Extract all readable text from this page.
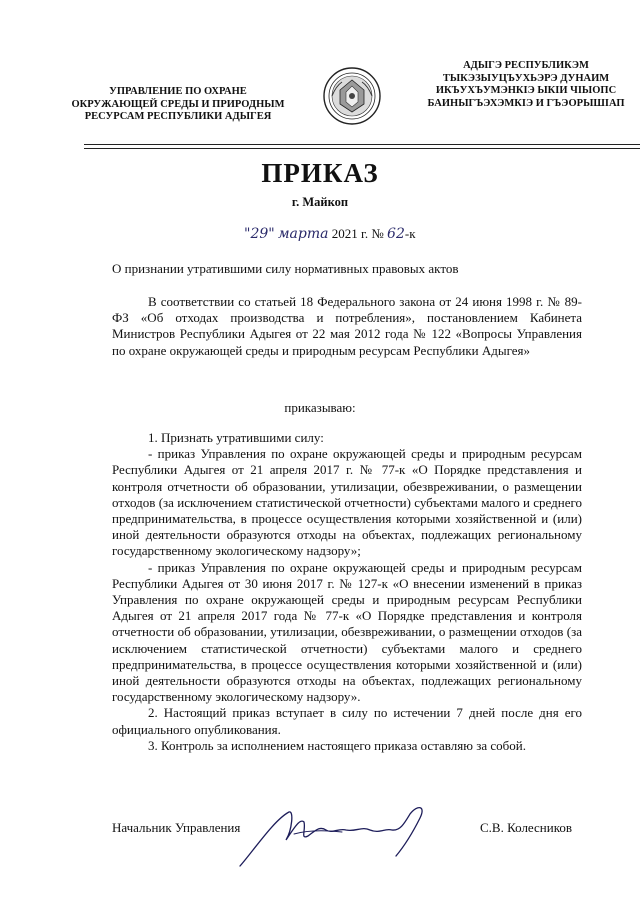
УПРАВЛЕНИЕ ПО ОХРАНЕ
ОКРУЖАЮЩЕЙ СРЕДЫ И ПРИРОДНЫМ
РЕСУРСАМ РЕСПУБЛИКИ АДЫГЕЯ
АДЫГЭ РЕСПУБЛИКЭМ
ТЫКЭЗЫУЦЪУХЬЭРЭ ДУНАИМ
ИКЪУХЪУМЭНКIЭ ЫКIИ ЧIЫОПС
БАИНЫГЪЭХЭМКIЭ И ГЪЭОРЫШIАП
ПРИКАЗ
г. Майкоп
"29" марта 2021 г. № 62-к
О признании утратившими силу нормативных правовых актов
В соответствии со статьей 18 Федерального закона от 24 июня 1998 г. № 89-ФЗ «Об отходах производства и потребления», постановлением Кабинета Министров Республики Адыгея от 22 мая 2012 года № 122 «Вопросы Управления по охране окружающей среды и природным ресурсам Республики Адыгея»
приказываю:
1. Признать утратившими силу:
- приказ Управления по охране окружающей среды и природным ресурсам Республики Адыгея от 21 апреля 2017 г. № 77-к «О Порядке представления и контроля отчетности об образовании, утилизации, обезвреживании, о размещении отходов (за исключением статистической отчетности) субъектами малого и среднего предпринимательства, в процессе осуществления которыми хозяйственной и (или) иной деятельности образуются отходы на объектах, подлежащих региональному государственному экологическому надзору»;
- приказ Управления по охране окружающей среды и природным ресурсам Республики Адыгея от 30 июня 2017 г. № 127-к «О внесении изменений в приказ Управления по охране окружающей среды и природным ресурсам Республики Адыгея от 21 апреля 2017 года № 77-к «О Порядке представления и контроля отчетности об образовании, утилизации, обезвреживании, о размещении отходов (за исключением статистической отчетности) субъектами малого и среднего предпринимательства, в процессе осуществления которыми хозяйственной и (или) иной деятельности образуются отходы на объектах, подлежащих региональному государственному экологическому надзору».
2. Настоящий приказ вступает в силу по истечении 7 дней после дня его официального опубликования.
3. Контроль за исполнением настоящего приказа оставляю за собой.
Начальник Управления	С.В. Колесников
